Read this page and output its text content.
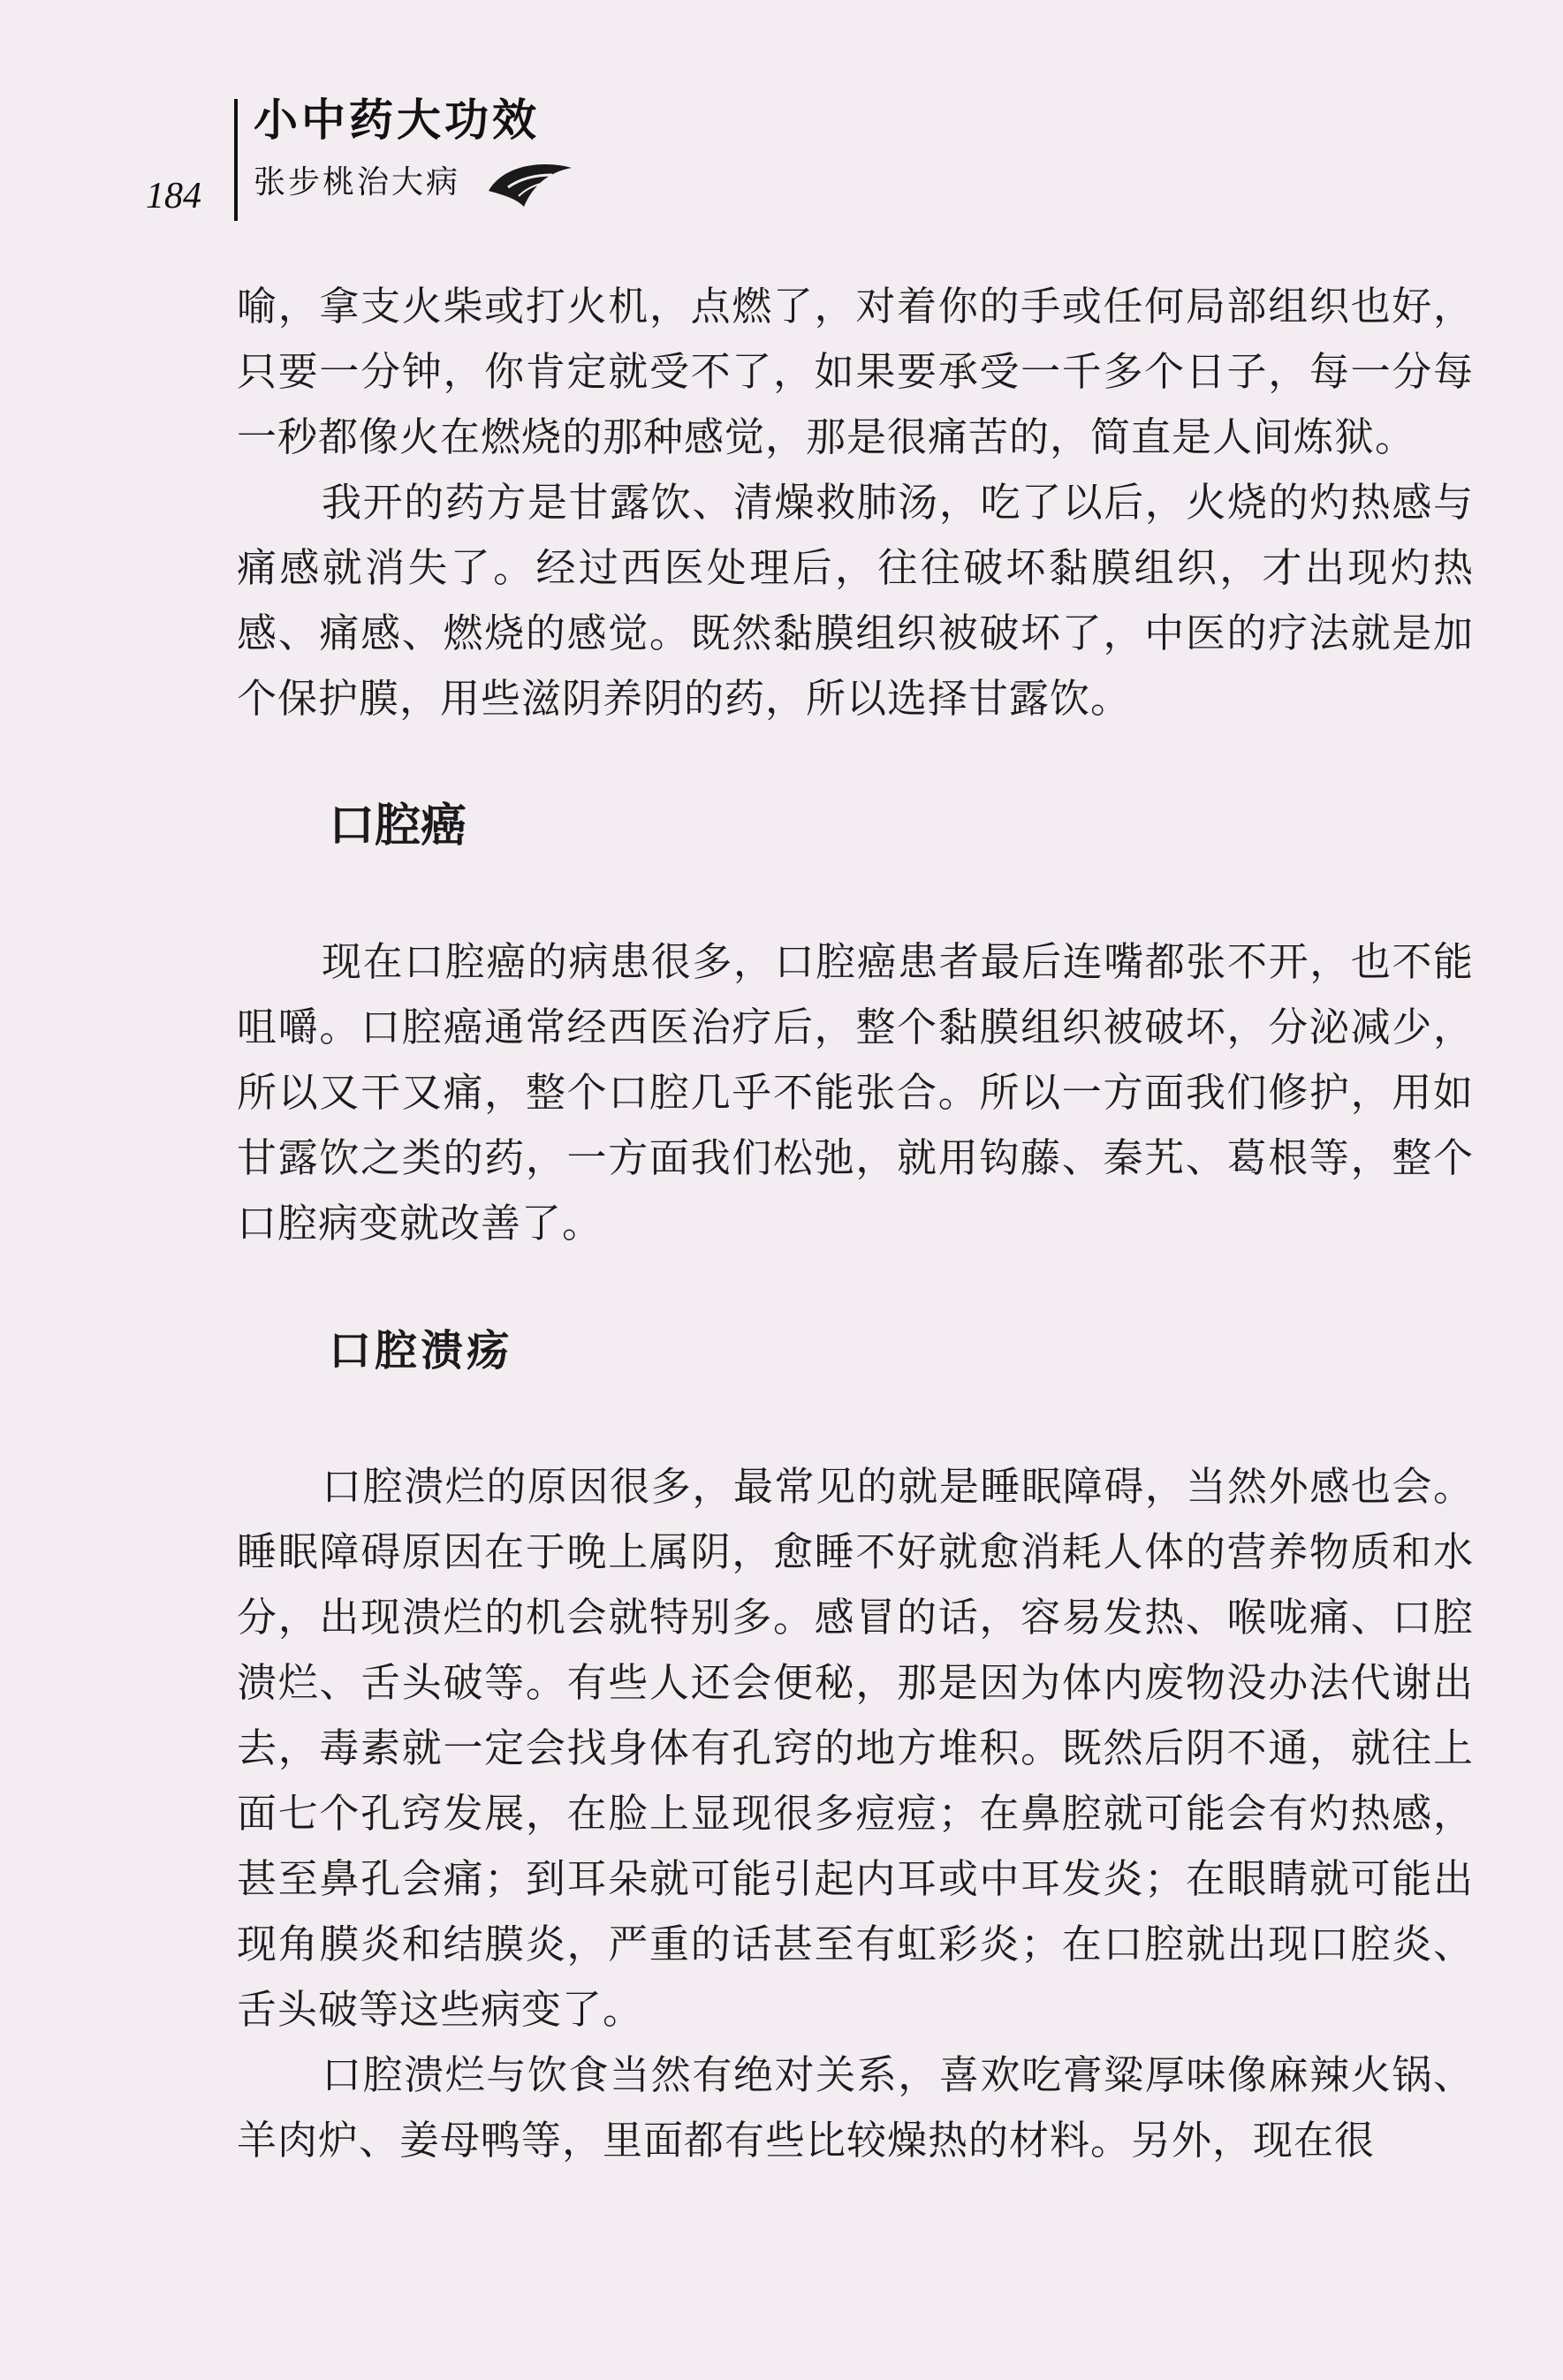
184
小中药大功效
张步桃治大病

喻，拿支火柴或打火机，点燃了，对着你的手或任何局部组织也好，只要一分钟，你肯定就受不了，如果要承受一千多个日子，每一分每一秒都像火在燃烧的那种感觉，那是很痛苦的，简直是人间炼狱。

我开的药方是甘露饮、清燥救肺汤，吃了以后，火烧的灼热感与痛感就消失了。经过西医处理后，往往破坏黏膜组织，才出现灼热感、痛感、燃烧的感觉。既然黏膜组织被破坏了，中医的疗法就是加个保护膜，用些滋阴养阴的药，所以选择甘露饮。

口腔癌

现在口腔癌的病患很多，口腔癌患者最后连嘴都张不开，也不能咀嚼。口腔癌通常经西医治疗后，整个黏膜组织被破坏，分泌减少，所以又干又痛，整个口腔几乎不能张合。所以一方面我们修护，用如甘露饮之类的药，一方面我们松弛，就用钩藤、秦艽、葛根等，整个口腔病变就改善了。

口腔溃疡

口腔溃烂的原因很多，最常见的就是睡眠障碍，当然外感也会。睡眠障碍原因在于晚上属阴，愈睡不好就愈消耗人体的营养物质和水分，出现溃烂的机会就特别多。感冒的话，容易发热、喉咙痛、口腔溃烂、舌头破等。有些人还会便秘，那是因为体内废物没办法代谢出去，毒素就一定会找身体有孔窍的地方堆积。既然后阴不通，就往上面七个孔窍发展，在脸上显现很多痘痘；在鼻腔就可能会有灼热感，甚至鼻孔会痛；到耳朵就可能引起内耳或中耳发炎；在眼睛就可能出现角膜炎和结膜炎，严重的话甚至有虹彩炎；在口腔就出现口腔炎、舌头破等这些病变了。

口腔溃烂与饮食当然有绝对关系，喜欢吃膏粱厚味像麻辣火锅、羊肉炉、姜母鸭等，里面都有些比较燥热的材料。另外，现在很
